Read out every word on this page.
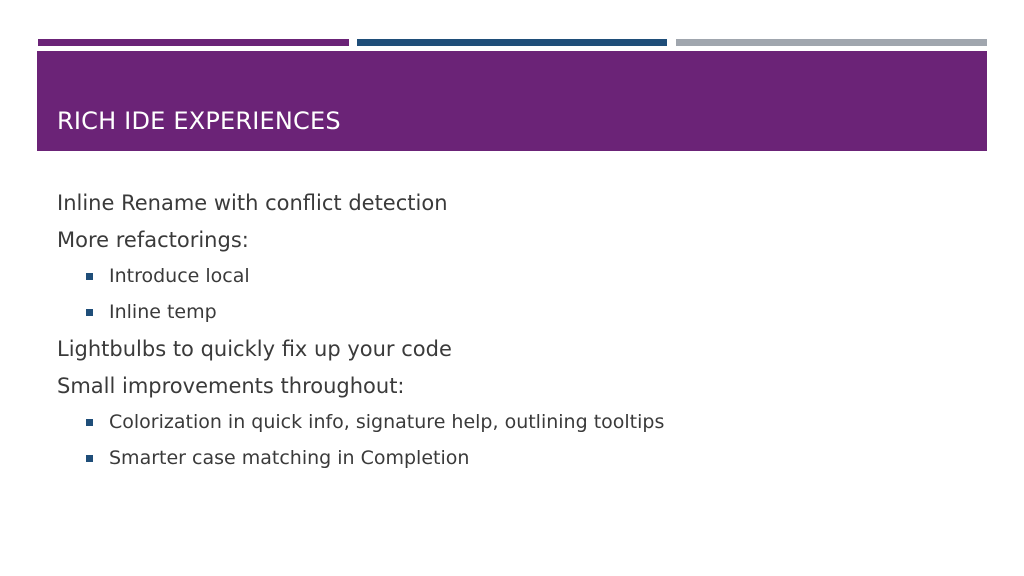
RICH IDE EXPERIENCES
Inline Rename with conflict detection
More refactorings:
Introduce local
Inline temp
Lightbulbs to quickly fix up your code
Small improvements throughout:
Colorization in quick info, signature help, outlining tooltips
Smarter case matching in Completion
